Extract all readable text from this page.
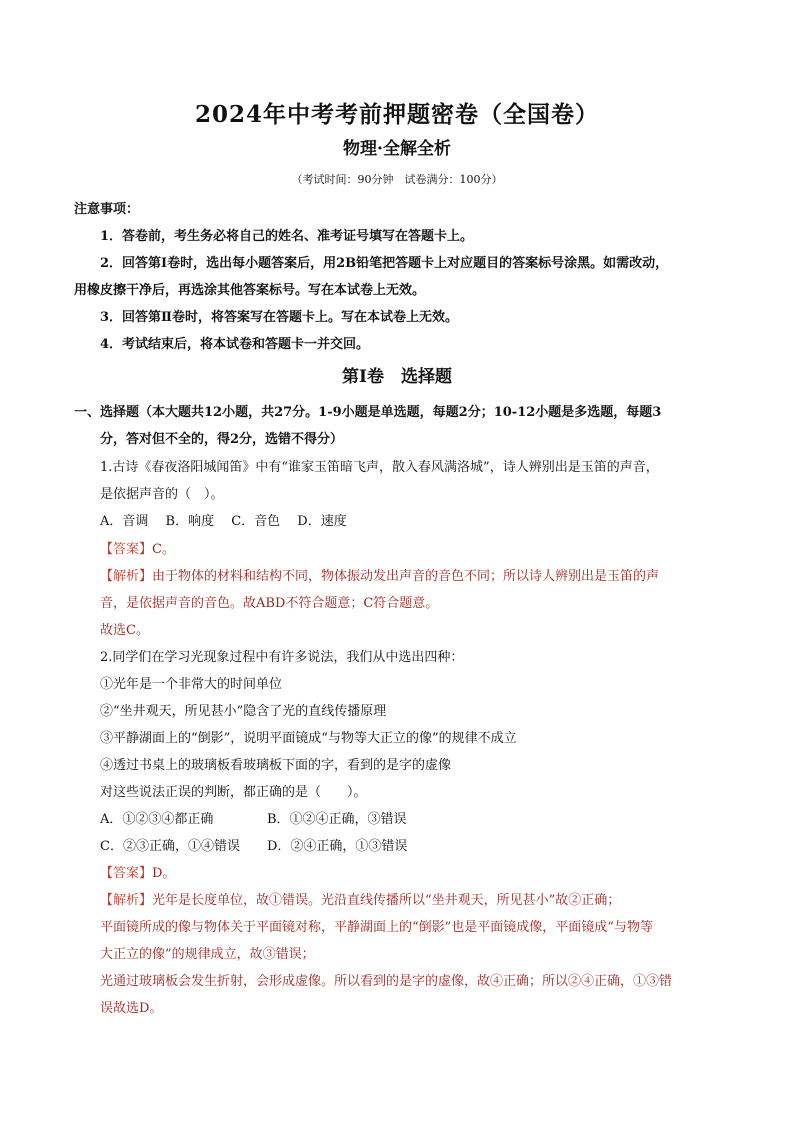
2024年中考考前押题密卷（全国卷）
物理·全解全析
（考试时间：90分钟　试卷满分：100分）
注意事项：
1．答卷前，考生务必将自己的姓名、准考证号填写在答题卡上。
2．回答第Ⅰ卷时，选出每小题答案后，用2B铅笔把答题卡上对应题目的答案标号涂黑。如需改动，
用橡皮擦干净后，再选涂其他答案标号。写在本试卷上无效。
3．回答第Ⅱ卷时，将答案写在答题卡上。写在本试卷上无效。
4．考试结束后，将本试卷和答题卡一并交回。
第Ⅰ卷　选择题
一、选择题（本大题共12小题，共27分。1-9小题是单选题，每题2分；10-12小题是多选题，每题3
分，答对但不全的，得2分，选错不得分）
1.古诗《春夜洛阳城闻笛》中有“谁家玉笛暗飞声，散入春风满洛城”，诗人辨别出是玉笛的声音，
是依据声音的（　）。
A．音调　 B．响度　 C．音色　 D．速度
【答案】C。
【解析】由于物体的材料和结构不同，物体振动发出声音的音色不同；所以诗人辨别出是玉笛的声
音，是依据声音的音色。故ABD不符合题意；C符合题意。
故选C。
2.同学们在学习光现象过程中有许多说法，我们从中选出四种：
①光年是一个非常大的时间单位
②“坐井观天，所见甚小”隐含了光的直线传播原理
③平静湖面上的“倒影”，说明平面镜成“与物等大正立的像”的规律不成立
④透过书桌上的玻璃板看玻璃板下面的字，看到的是字的虚像
对这些说法正误的判断，都正确的是（　　）。
A．①②③④都正确	B．①②④正确，③错误
C．②③正确，①④错误 D．②④正确，①③错误
【答案】D。
【解析】光年是长度单位，故①错误。光沿直线传播所以“坐井观天，所见甚小”故②正确；
平面镜所成的像与物体关于平面镜对称，平静湖面上的“倒影”也是平面镜成像，平面镜成“与物等
大正立的像”的规律成立，故③错误；
光通过玻璃板会发生折射，会形成虚像。所以看到的是字的虚像，故④正确；所以②④正确，①③错
误故选D。
